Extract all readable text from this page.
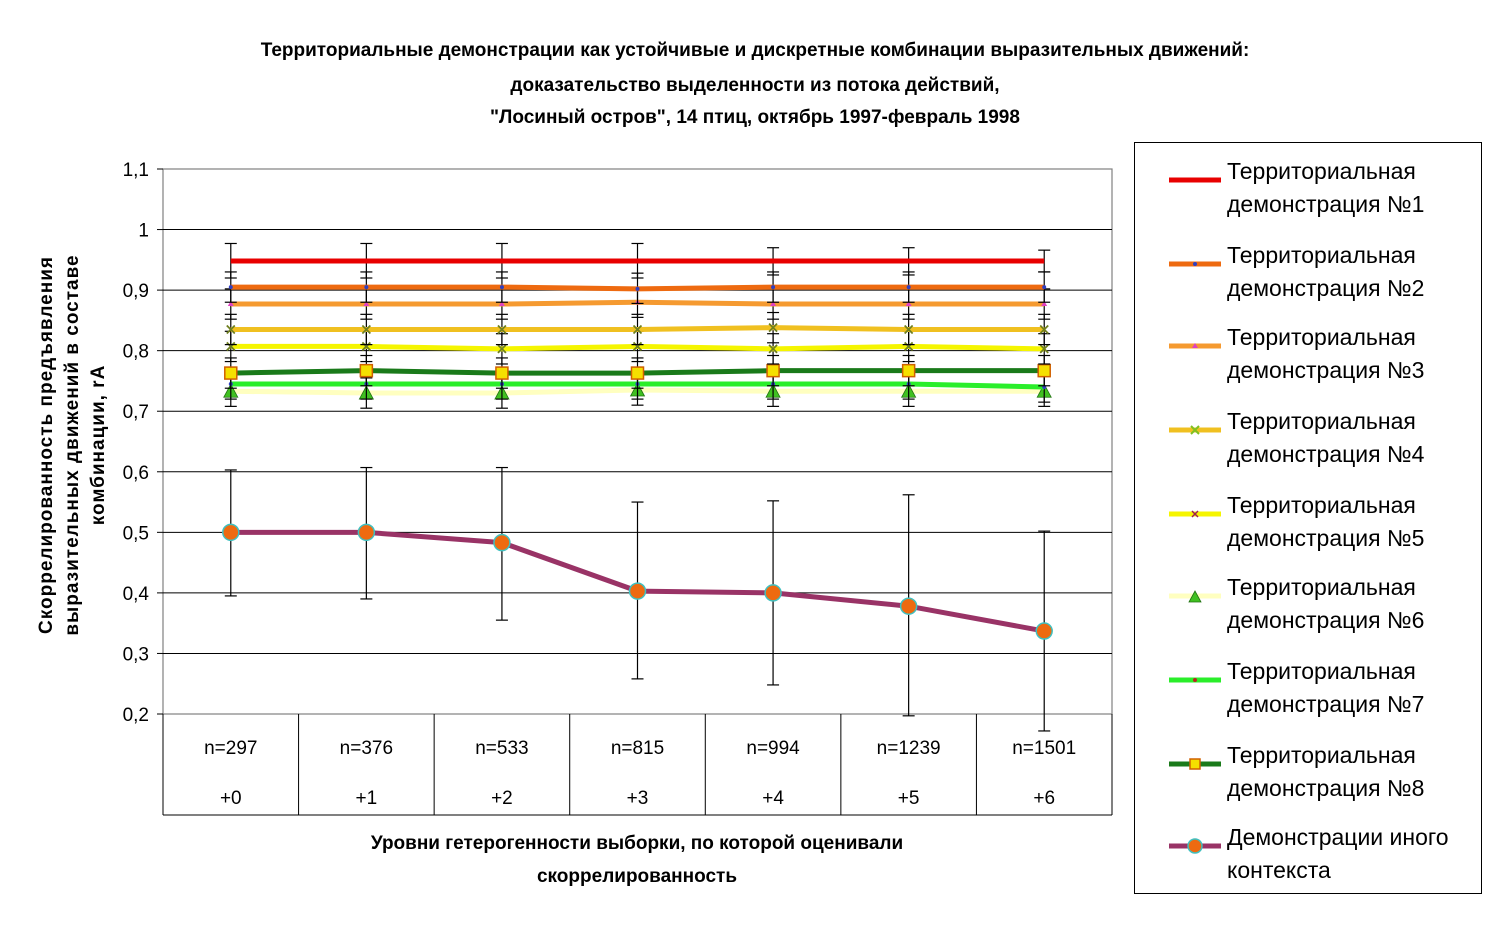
Территориальные демонстрации как устойчивые и дискретные комбинации выразительных движений:
доказательство выделенности из потока действий,
"Лосиный остров", 14 птиц, октябрь 1997-февраль 1998
0,2
0,3
0,4
0,5
0,6
0,7
0,8
0,9
1
1,1
n=297
+0
n=376
+1
n=533
+2
n=815
+3
n=994
+4
n=1239
+5
n=1501
+6
Скоррелированность предъявления выразительных движений в составе комбинации, rA
Уровни гетерогенности выборки, по которой оценивали
скоррелированность
Территориальная
демонстрация №1
Территориальная
демонстрация №2
Территориальная
демонстрация №3
Территориальная
демонстрация №4
Территориальная
демонстрация №5
Территориальная
демонстрация №6
Территориальная
демонстрация №7
Территориальная
демонстрация №8
Демонстрации иного
контекста
